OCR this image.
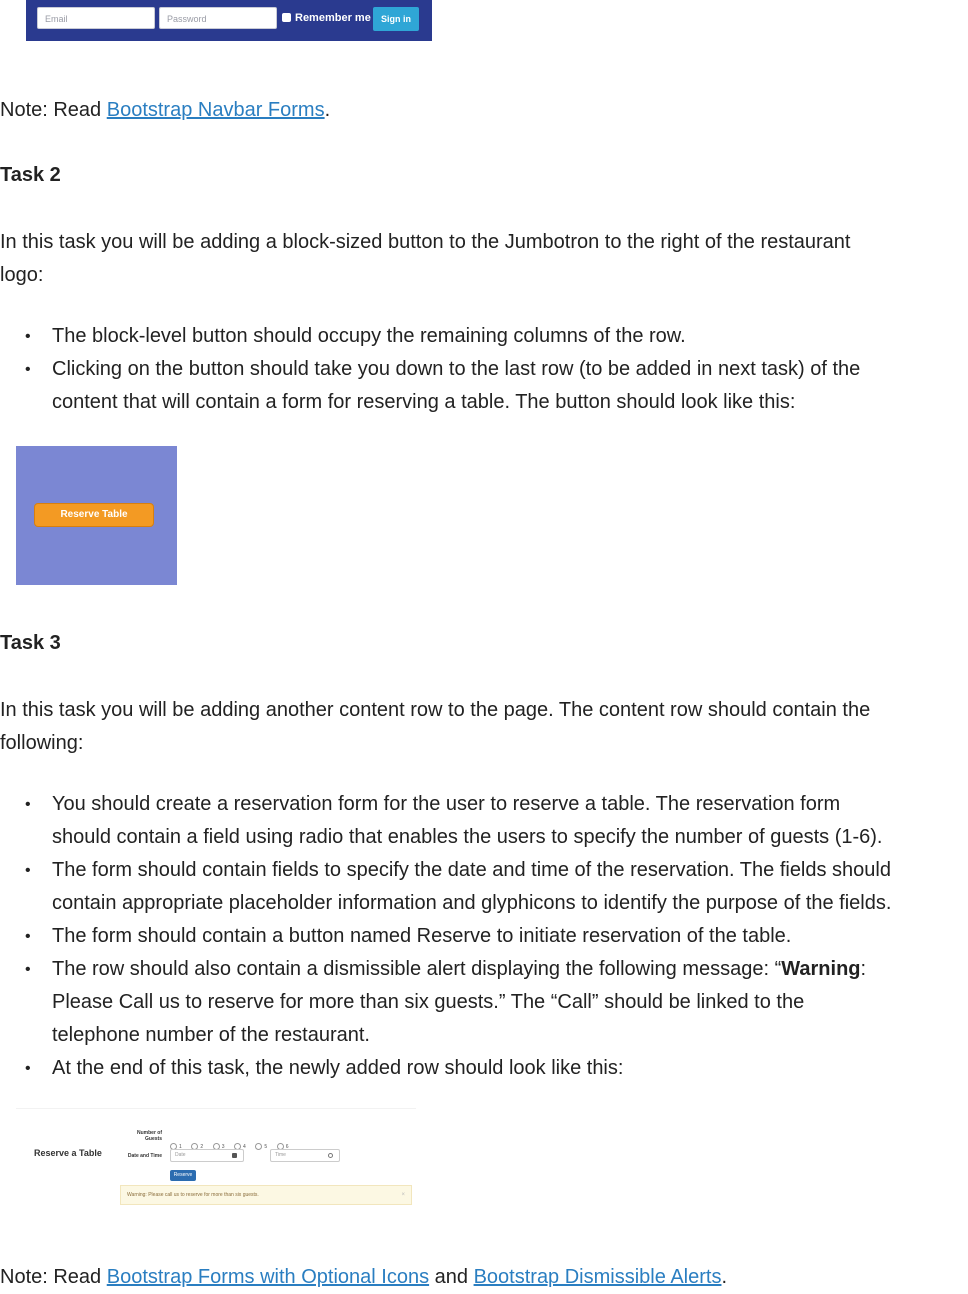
Email	Password	Remember me	Sign in

Note: Read Bootstrap Navbar Forms.

Task 2

In this task you will be adding a block-sized button to the Jumbotron to the right of the restaurant

logo:

• The block-level button should occupy the remaining columns of the row.
• Clicking on the button should take you down to the last row (to be added in next task) of the
content that will contain a form for reserving a table. The button should look like this:
Reserve Table

Task 3

In this task you will be adding another content row to the page. The content row should contain the

following:

• You should create a reservation form for the user to reserve a table. The reservation form
should contain a field using radio that enables the users to specify the number of guests (1-6).
• The form should contain fields to specify the date and time of the reservation. The fields should
contain appropriate placeholder information and glyphicons to identify the purpose of the fields.
• The form should contain a button named Reserve to initiate reservation of the table.
• The row should also contain a dismissible alert displaying the following message: “Warning:
Please Call us to reserve for more than six guests.” The “Call” should be linked to the
telephone number of the restaurant.
• At the end of this task, the newly added row should look like this:
Reserve a Table
Number of
Guests
1	2	3	4	5	6
Date and Time	Date	Time
Reserve
Warning: Please call us to reserve for more than six guests.	×

Note: Read Bootstrap Forms with Optional Icons and Bootstrap Dismissible Alerts.
